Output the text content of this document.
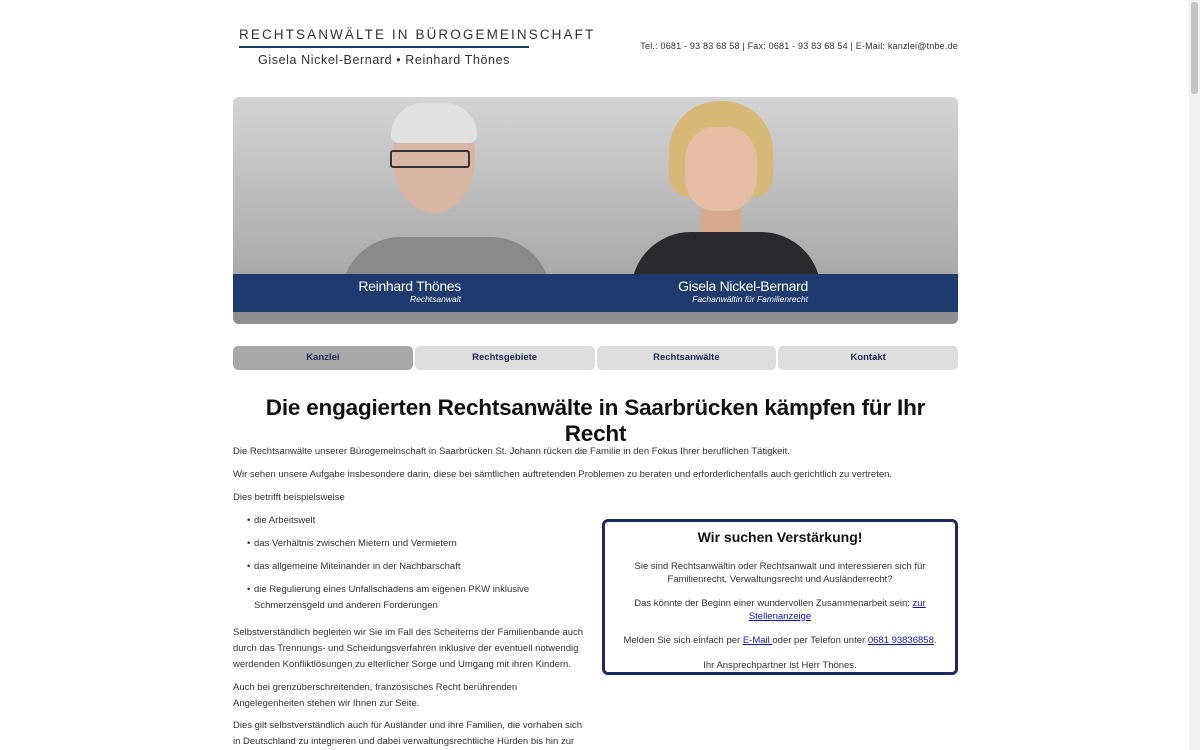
RECHTSANWÄLTE IN BÜROGEMEINSCHAFT
Gisela Nickel-Bernard • Reinhard Thönes
Tel.: 0681 - 93 83 68 58 | Fax: 0681 - 93 83 68 54 | E-Mail: kanzlei@tnbe.de
Reinhard Thönes
Rechtsanwalt
Gisela Nickel-Bernard
Fachanwältin für Familienrecht
Kanzlei	Rechtsgebiete	Rechtsanwälte	Kontakt
Die engagierten Rechtsanwälte in Saarbrücken kämpfen für Ihr Recht
Die Rechtsanwälte unserer Bürogemeinschaft in Saarbrücken St. Johann rücken die Familie in den Fokus Ihrer beruflichen Tätigkeit.
Wir sehen unsere Aufgabe insbesondere darin, diese bei sämtlichen auftretenden Problemen zu beraten und erforderlichenfalls auch gerichtlich zu vertreten.
Dies betrifft beispielsweise
• die Arbeitswelt
• das Verhältnis zwischen Mietern und Vermietern
• das allgemeine Miteinander in der Nachbarschaft
• die Regulierung eines Unfallschadens am eigenen PKW inklusive Schmerzensgeld und anderen Forderungen
Selbstverständlich begleiten wir Sie im Fall des Scheiterns der Familienbande auch durch das Trennungs- und Scheidungsverfahren inklusive der eventuell notwendig werdenden Konfliktlösungen zu elterlicher Sorge und Umgang mit ihren Kindern.
Auch bei grenzüberschreitenden, französisches Recht berührenden Angelegenheiten stehen wir Ihnen zur Seite.
Dies gilt selbstverständlich auch für Ausländer und ihre Familien, die vorhaben sich in Deutschland zu integrieren und dabei verwaltungsrechtliche Hürden bis hin zur
Wir suchen Verstärkung!

Sie sind Rechtsanwältin oder Rechtsanwalt und interessieren sich für Familienrecht, Verwaltungsrecht und Ausländerrecht?

Das könnte der Beginn einer wundervollen Zusammenarbeit sein: zur Stellenanzeige

Melden Sie sich einfach per E-Mail oder per Telefon unter 0681 93836858.

Ihr Ansprechpartner ist Herr Thönes.
